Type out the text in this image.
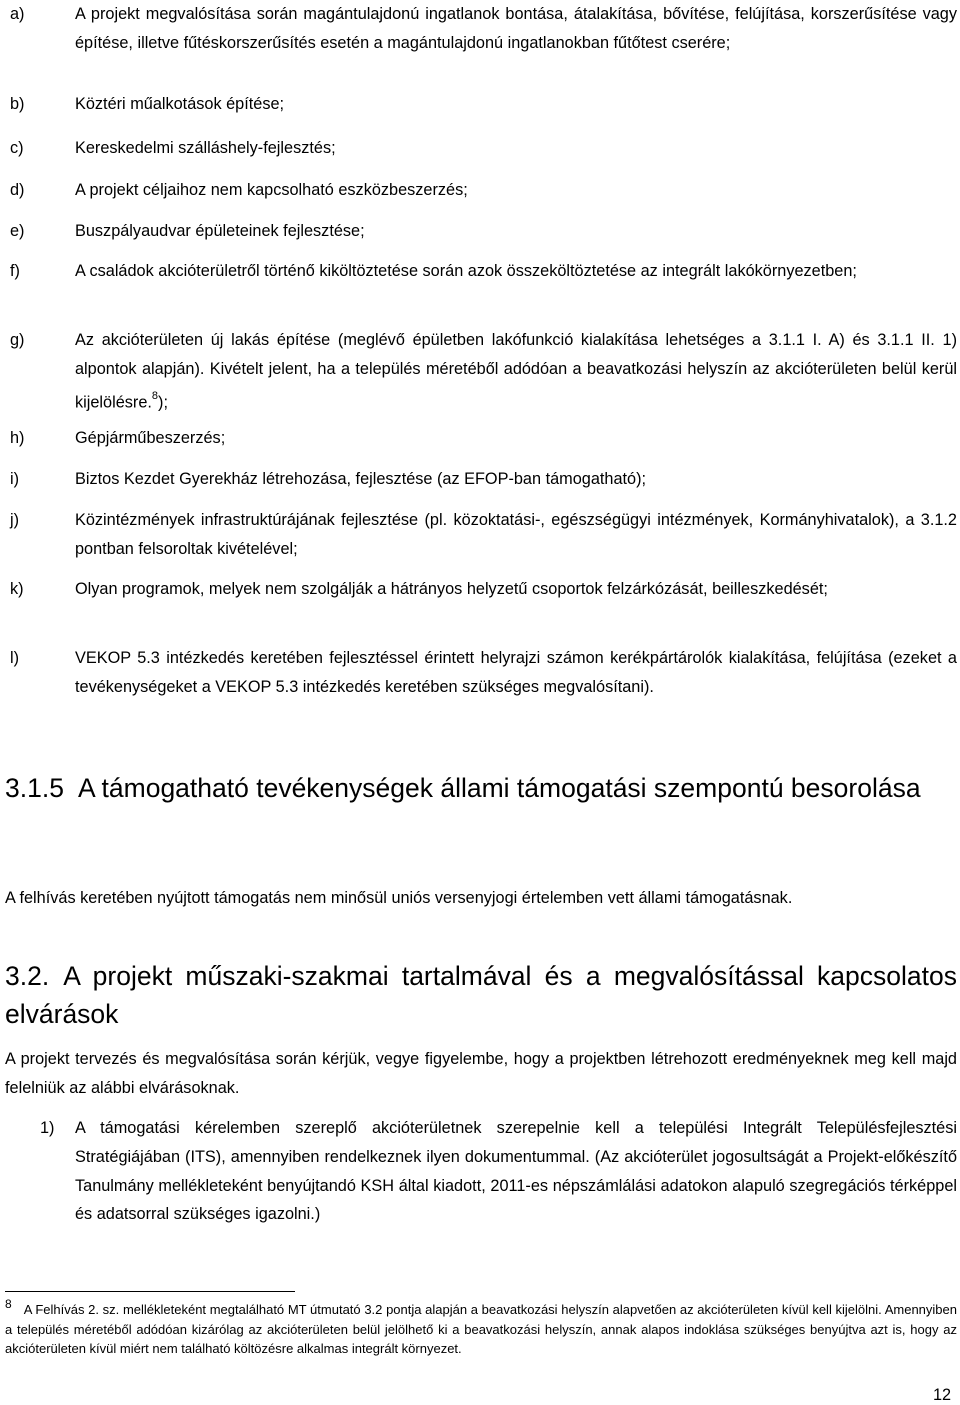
a)	A projekt megvalósítása során magántulajdonú ingatlanok bontása, átalakítása, bővítése, felújítása, korszerűsítése vagy építése, illetve fűtéskorszerűsítés esetén a magántulajdonú ingatlanokban fűtőtest cserére;
b)	Köztéri műalkotások építése;
c)	Kereskedelmi szálláshely-fejlesztés;
d)	A projekt céljaihoz nem kapcsolható eszközbeszerzés;
e)	Buszpályaudvar épületeinek fejlesztése;
f)	A családok akcióterületről történő kiköltöztetése során azok összeköltöztetése az integrált lakókörnyezetben;
g)	Az akcióterületen új lakás építése (meglévő épületben lakófunkció kialakítása lehetséges a 3.1.1 I. A) és 3.1.1 II. 1) alpontok alapján). Kivételt jelent, ha a település méretéből adódóan a beavatkozási helyszín az akcióterületen belül kerül kijelölésre.$^8$);
h)	Gépjárműbeszerzés;
i)	Biztos Kezdet Gyerekház létrehozása, fejlesztése (az EFOP-ban támogatható);
j)	Közintézmények infrastruktúrájának fejlesztése (pl. közoktatási-, egészségügyi intézmények, Kormányhivatalok), a 3.1.2 pontban felsoroltak kivételével;
k)	Olyan programok, melyek nem szolgálják a hátrányos helyzetű csoportok felzárkózását, beilleszkedését;
l)	VEKOP 5.3 intézkedés keretében fejlesztéssel érintett helyrajzi számon kerékpártárolók kialakítása, felújítása (ezeket a tevékenységeket a VEKOP 5.3 intézkedés keretében szükséges megvalósítani).
3.1.5 A támogatható tevékenységek állami támogatási szempontú besorolása
A felhívás keretében nyújtott támogatás nem minősül uniós versenyjogi értelemben vett állami támogatásnak.
3.2. A projekt műszaki-szakmai tartalmával és a megvalósítással kapcsolatos elvárások
A projekt tervezés és megvalósítása során kérjük, vegye figyelembe, hogy a projektben létrehozott eredményeknek meg kell majd felelniük az alábbi elvárásoknak.
1) A támogatási kérelemben szereplő akcióterületnek szerepelnie kell a települési Integrált Településfejlesztési Stratégiájában (ITS), amennyiben rendelkeznek ilyen dokumentummal. (Az akcióterület jogosultságát a Projekt-előkészítő Tanulmány mellékleteként benyújtandó KSH által kiadott, 2011-es népszámlálási adatokon alapuló szegregációs térképpel és adatsorral szükséges igazolni.)
8 A Felhívás 2. sz. mellékleteként megtalálható MT útmutató 3.2 pontja alapján a beavatkozási helyszín alapvetően az akcióterületen kívül kell kijelölni. Amennyiben a település méretéből adódóan kizárólag az akcióterületen belül jelölhető ki a beavatkozási helyszín, annak alapos indoklása szükséges benyújtva azt is, hogy az akcióterületen kívül miért nem található költözésre alkalmas integrált környezet.
12
